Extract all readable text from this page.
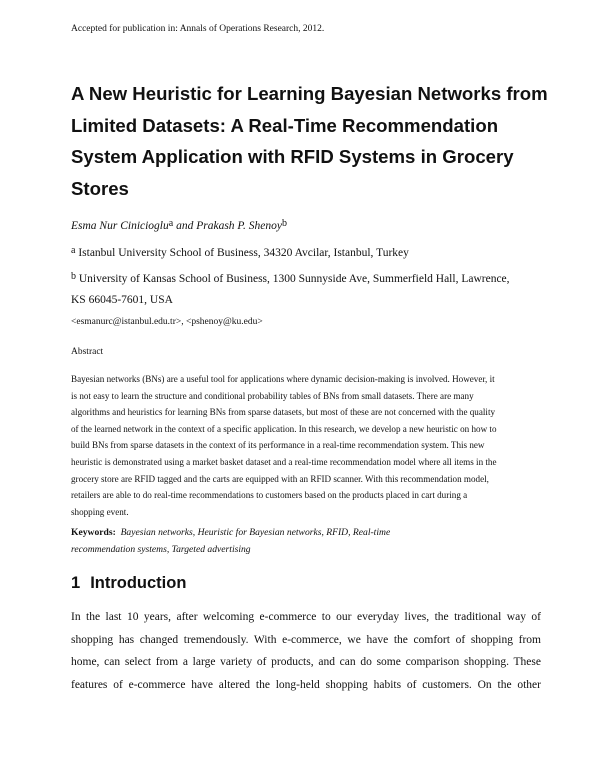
Accepted for publication in: Annals of Operations Research, 2012.
A New Heuristic for Learning Bayesian Networks from
Limited Datasets: A Real-Time Recommendation
System Application with RFID Systems in Grocery
Stores
Esma Nur Cinicioglu$^a$ and Prakash P. Shenoy$^b$
$^a$ Istanbul University School of Business, 34320 Avcilar, Istanbul, Turkey
$^b$ University of Kansas School of Business, 1300 Sunnyside Ave, Summerfield Hall, Lawrence,
KS 66045-7601, USA
<esmanurc@istanbul.edu.tr>, <pshenoy@ku.edu>
Abstract
Bayesian networks (BNs) are a useful tool for applications where dynamic decision-making is involved. However, it
is not easy to learn the structure and conditional probability tables of BNs from small datasets. There are many
algorithms and heuristics for learning BNs from sparse datasets, but most of these are not concerned with the quality
of the learned network in the context of a specific application. In this research, we develop a new heuristic on how to
build BNs from sparse datasets in the context of its performance in a real-time recommendation system. This new
heuristic is demonstrated using a market basket dataset and a real-time recommendation model where all items in the
grocery store are RFID tagged and the carts are equipped with an RFID scanner. With this recommendation model,
retailers are able to do real-time recommendations to customers based on the products placed in cart during a
shopping event.
Keywords: Bayesian networks, Heuristic for Bayesian networks, RFID, Real-time
recommendation systems, Targeted advertising
1 Introduction
In the last 10 years, after welcoming e-commerce to our everyday lives, the traditional way of
shopping has changed tremendously. With e-commerce, we have the comfort of shopping from
home, can select from a large variety of products, and can do some comparison shopping. These
features of e-commerce have altered the long-held shopping habits of customers. On the other
